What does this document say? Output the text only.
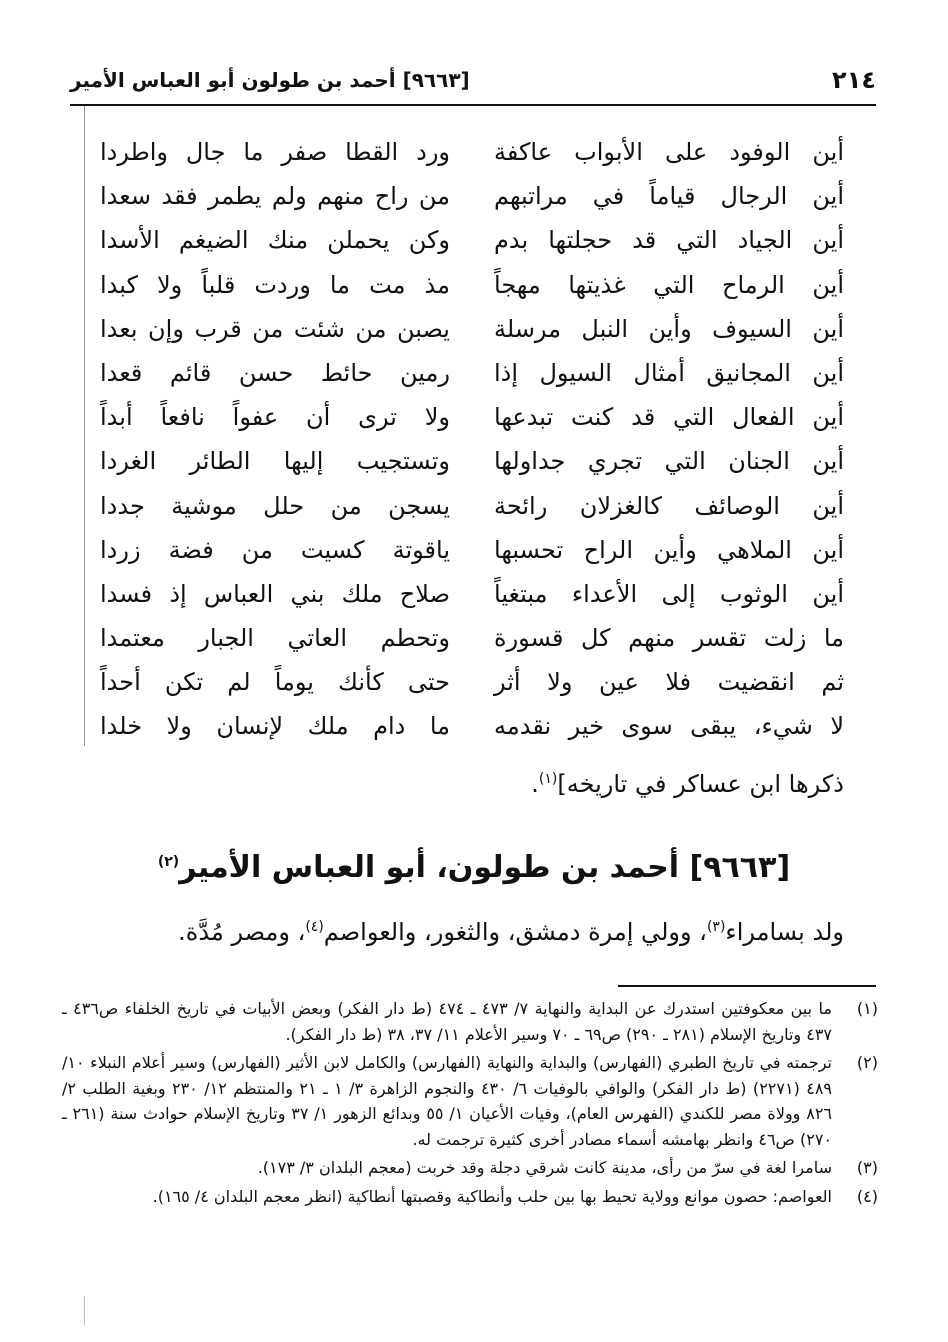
٢١٤
[٩٦٦٣] أحمد بن طولون أبو العباس الأمير
أين الوفود على الأبواب عاكفة
أين الرجال قياماً في مراتبهم
أين الجياد التي قد حجلتها بدم
أين الرماح التي غذيتها مهجاً
أين السيوف وأين النبل مرسلة
أين المجانيق أمثال السيول إذا
أين الفعال التي قد كنت تبدعها
أين الجنان التي تجري جداولها
أين الوصائف كالغزلان رائحة
أين الملاهي وأين الراح تحسبها
أين الوثوب إلى الأعداء مبتغياً
ما زلت تقسر منهم كل قسورة
ثم انقضيت فلا عين ولا أثر
لا شيء، يبقى سوى خير نقدمه
ورد القطا صفر ما جال واطردا
من راح منهم ولم يطمر فقد سعدا
وكن يحملن منك الضيغم الأسدا
مذ مت ما وردت قلباً ولا كبدا
يصبن من شئت من قرب وإن بعدا
رمين حائط حسن قائم قعدا
ولا ترى أن عفواً نافعاً أبداً
وتستجيب إليها الطائر الغردا
يسجن من حلل موشية جددا
ياقوتة كسيت من فضة زردا
صلاح ملك بني العباس إذ فسدا
وتحطم العاتي الجبار معتمدا
حتى كأنك يوماً لم تكن أحداً
ما دام ملك لإنسان ولا خلدا
ذكرها ابن عساكر في تاريخه]$^{(١)}$.
[٩٦٦٣] أحمد بن طولون، أبو العباس الأمير$^{(٢)}$
ولد بسامراء$^{(٣)}$، وولي إمرة دمشق، والثغور، والعواصم$^{(٤)}$، ومصر مُدَّة.
(١)
ما بين معكوفتين استدرك عن البداية والنهاية ٧/ ٤٧٣ ـ ٤٧٤ (ط دار الفكر) وبعض الأبيات في تاريخ الخلفاء ص٤٣٦ ـ ٤٣٧ وتاريخ الإسلام (٢٨١ ـ ٢٩٠) ص٦٩ ـ ٧٠ وسير الأعلام ١١/ ٣٧، ٣٨ (ط دار الفكر).
(٢)
ترجمته في تاريخ الطبري (الفهارس) والبداية والنهاية (الفهارس) والكامل لابن الأثير (الفهارس) وسير أعلام النبلاء ١٠/ ٤٨٩ (٢٢٧١) (ط دار الفكر) والوافي بالوفيات ٦/ ٤٣٠ والنجوم الزاهرة ٣/ ١ ـ ٢١ والمنتظم ١٢/ ٢٣٠ وبغية الطلب ٢/ ٨٢٦ وولاة مصر للكندي (الفهرس العام)، وفيات الأعيان ١/ ٥٥ وبدائع الزهور ١/ ٣٧ وتاريخ الإسلام حوادث سنة (٢٦١ ـ ٢٧٠) ص٤٦ وانظر بهامشه أسماء مصادر أخرى كثيرة ترجمت له.
(٣)
سامرا لغة في سرّ من رأى، مدينة كانت شرقي دجلة وقد خربت (معجم البلدان ٣/ ١٧٣).
(٤)
العواصم: حصون موانع وولاية تحيط بها بين حلب وأنطاكية وقصبتها أنطاكية (انظر معجم البلدان ٤/ ١٦٥).
